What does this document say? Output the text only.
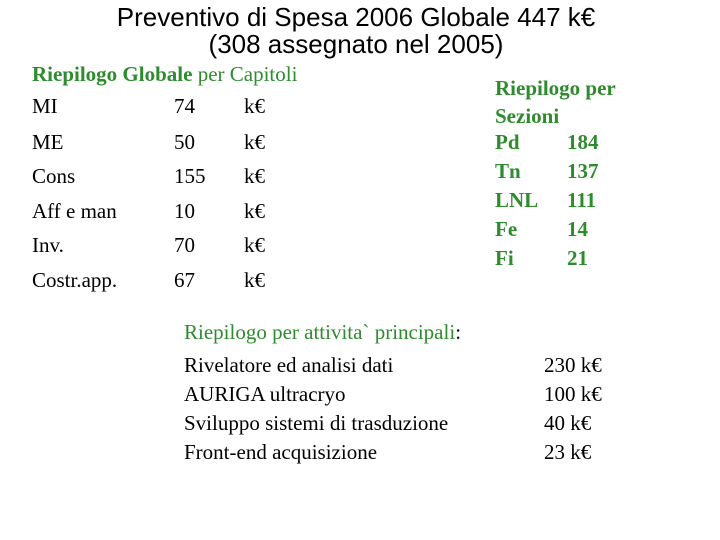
Preventivo di Spesa 2006 Globale 447 k€
(308 assegnato nel 2005)
Riepilogo Globale per Capitoli
MI	74 k€
ME	50 k€
Cons	155 k€
Aff e man	10 k€
Inv.	70 k€
Costr.app.	67 k€
Riepilogo per Sezioni
Pd 184
Tn 137
LNL 111
Fe 14
Fi	21
Riepilogo per attivita` principali:
Rivelatore ed analisi dati	230 k€
AURIGA ultracryo	100 k€
Sviluppo sistemi di trasduzione	40 k€
Front-end acquisizione	23 k€
